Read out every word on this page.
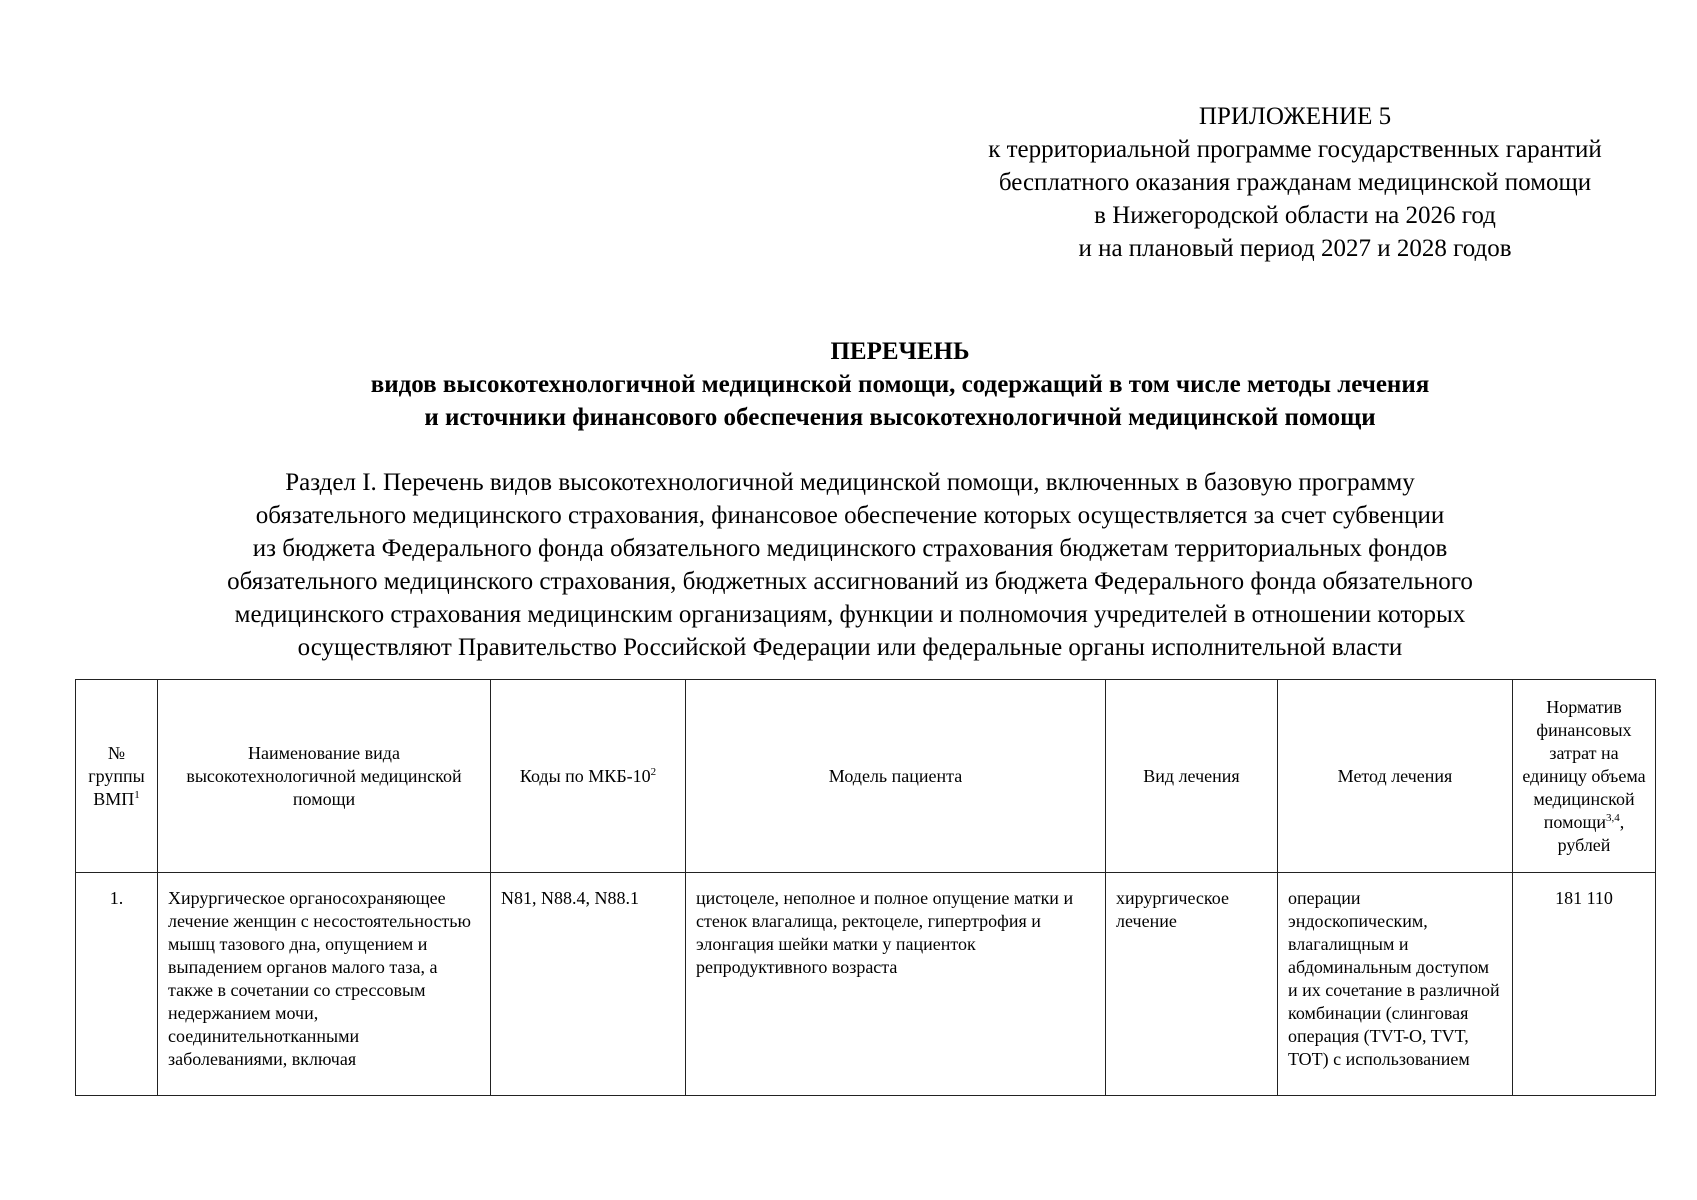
ПРИЛОЖЕНИЕ 5
к территориальной программе государственных гарантий
бесплатного оказания гражданам медицинской помощи
в Нижегородской области на 2026 год
и на плановый период 2027 и 2028 годов
ПЕРЕЧЕНЬ
видов высокотехнологичной медицинской помощи, содержащий в том числе методы лечения
и источники финансового обеспечения высокотехнологичной медицинской помощи
Раздел I. Перечень видов высокотехнологичной медицинской помощи, включенных в базовую программу
обязательного медицинского страхования, финансовое обеспечение которых осуществляется за счет субвенции
из бюджета Федерального фонда обязательного медицинского страхования бюджетам территориальных фондов
обязательного медицинского страхования, бюджетных ассигнований из бюджета Федерального фонда обязательного
медицинского страхования медицинским организациям, функции и полномочия учредителей в отношении которых
осуществляют Правительство Российской Федерации или федеральные органы исполнительной власти
№
группы
ВМП$^1$	Наименование вида высокотехнологичной медицинской помощи	Коды по МКБ-$10^2$	Модель пациента	Вид лечения	Метод лечения	Норматив финансовых затрат на единицу объема медицинской помощи$^{3,4}$, рублей

1.	Хирургическое органосохраняющее лечение женщин с несостоятельностью мышц тазового дна, опущением и выпадением органов малого таза, а также в сочетании со стрессовым недержанием мочи, соединительнотканными заболеваниями, включая	N81, N88.4, N88.1	цистоцеле, неполное и полное опущение матки и стенок влагалища, ректоцеле, гипертрофия и элонгация шейки матки у пациенток репродуктивного возраста	хирургическое лечение	операции эндоскопическим, влагалищным и абдоминальным доступом и их сочетание в различной комбинации (слинговая операция (TVT-O, TVT, TOT) с использованием	181 110
